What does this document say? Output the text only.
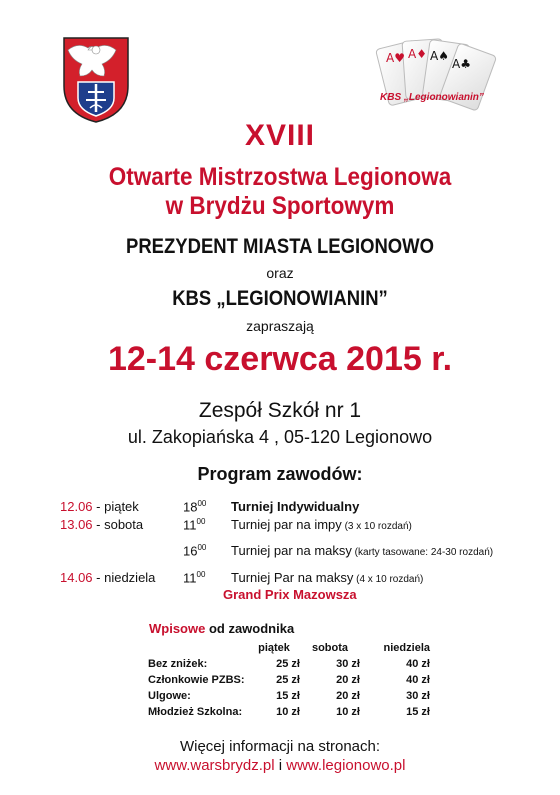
A♥ A♦ A♠
A♣
KBS „Legionowianin”
XVIII
Otwarte Mistrzostwa Legionowa
w Brydżu Sportowym
PREZYDENT MIASTA LEGIONOWO
oraz
KBS „LEGIONOWIANIN”
zapraszają
12-14 czerwca 2015 r.
Zespół Szkół nr 1
ul. Zakopiańska 4 , 05-120 Legionowo
Program zawodów:
12.06 - piątek	$18^{00}$ Turniej Indywidualny
13.06 - sobota	$11^{00}$ Turniej par na impy (3 x 10 rozdań)
$16^{00}$ Turniej par na maksy (karty tasowane: 24-30 rozdań)
14.06 - niedziela $11^{00}$ Turniej Par na maksy (4 x 10 rozdań)
Grand Prix Mazowsza
Wpisowe od zawodnika
	piątek	sobota	niedziela
Bez zniżek:	25 zł	30 zł	40 zł
Członkowie PZBS:	25 zł	20 zł	40 zł
Ulgowe:	15 zł	20 zł	30 zł
Młodzież Szkolna:	10 zł	10 zł	15 zł
Więcej informacji na stronach:
www.warsbrydz.pl i www.legionowo.pl
